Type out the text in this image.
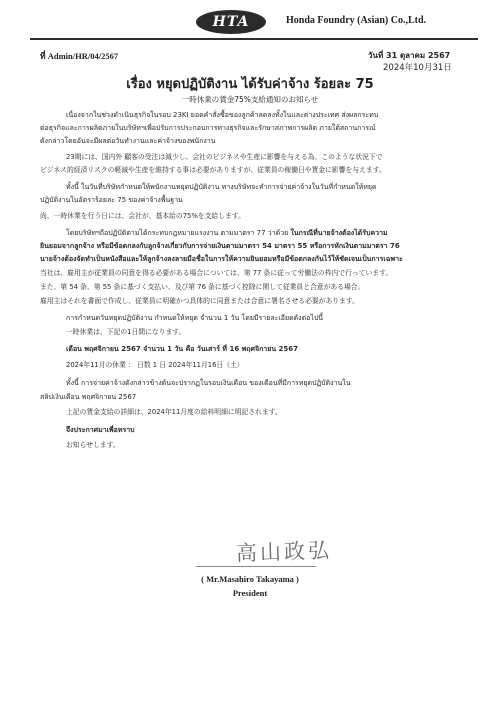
HTA	Honda Foundry (Asian) Co.,Ltd.
ที่ Admin/HR/04/2567	วันที่ 31 ตุลาคม 2567
2024年10月31日
เรื่อง หยุดปฏิบัติงาน ได้รับค่าจ้าง ร้อยละ 75
一時休業の賃金75%支給通知のお知らせ
เนื่องจากในช่วงดำเนินธุรกิจในรอบ 23KI ยอดคำสั่งซื้อของลูกค้าลดลงทั้งในและต่างประเทศ ส่งผลกระทบ
ต่อธุรกิจและการผลิตภายในบริษัทฯเพื่อปรับการประกอบการทางธุรกิจและรักษาสภาพการผลิต ภายใต้สถานการณ์
ดังกล่าวโดยอันจะมีผลต่อวันทำงานและค่าจ้างของพนักงาน
23期には、国内外 顧客の受注は減少し、会社のビジネスや生産に影響を与える為、このような状況下で
ビジネス的経済リスクの軽減や生産を維持する事は必要がありますが、従業員の稼働日や賃金に影響を与えます。
ทั้งนี้ ในวันที่บริษัทกำหนดให้พนักงานหยุดปฏิบัติงาน ทางบริษัทจะทำการจ่ายค่าจ้างในวันที่กำหนดให้หยุด
ปฏิบัติงานในอัตราร้อยละ 75 ของค่าจ้างพื้นฐาน
尚、一時休業を行う日には、会社が、基本給の75%を支給します。
โดยบริษัทฯถือปฏิบัติตามได้กระทบกฎหมายแรงงาน ตามมาตรา 77 ว่าด้วย ในกรณีที่นายจ้างต้องได้รับความ
ยินยอมจากลูกจ้าง หรือมีข้อตกลงกับลูกจ้างเกี่ยวกับการจ่ายเงินตามมาตรา 54 มาตรา 55 หรือการหักเงินตามมาตรา 76
นายจ้างต้องจัดทำเป็นหนังสือและให้ลูกจ้างลงลายมือชื่อในการให้ความยินยอมหรือมีข้อตกลงกันไว้ให้ชัดเจนเป็นการเฉพาะ
当社は、雇用主が従業員の同意を得る必要がある場合については、第 77 条に従って労働法の枠内で行っています。
また、第 54 条、第 55 条に基づく支払い、及び第 76 条に基づく控除に関して従業員と合意がある場合、
雇用主はそれを書面で作成し、従業員に明確かつ具体的に同意または合意に署名させる必要があります。
การกำหนดวันหยุดปฏิบัติงาน กำหนดให้หยุด จำนวน 1 วัน โดยมีรายละเอียดดังต่อไปนี้
一時休業は、下記の1日間になります。
เดือน พฤศจิกายน 2567 จำนวน 1 วัน คือ วันเสาร์ ที่ 16 พฤศจิกายน 2567
2024年11月の休業 ： 日数 1 日 2024年11月16日（土）
ทั้งนี้ การจ่ายค่าจ้างดังกล่าวข้างต้นจะปรากฏในรอบเงินเดือน ของเดือนที่มีการหยุดปฏิบัติงานใน
สลิปเงินเดือน พฤศจิกายน 2567
上記の賃金支給の詳細は、2024年11月度の給料明細に明記されます。
จึงประกาศมาเพื่อทราบ
お知らせします。
高山政弘
( Mr.Masahiro Takayama )
President
